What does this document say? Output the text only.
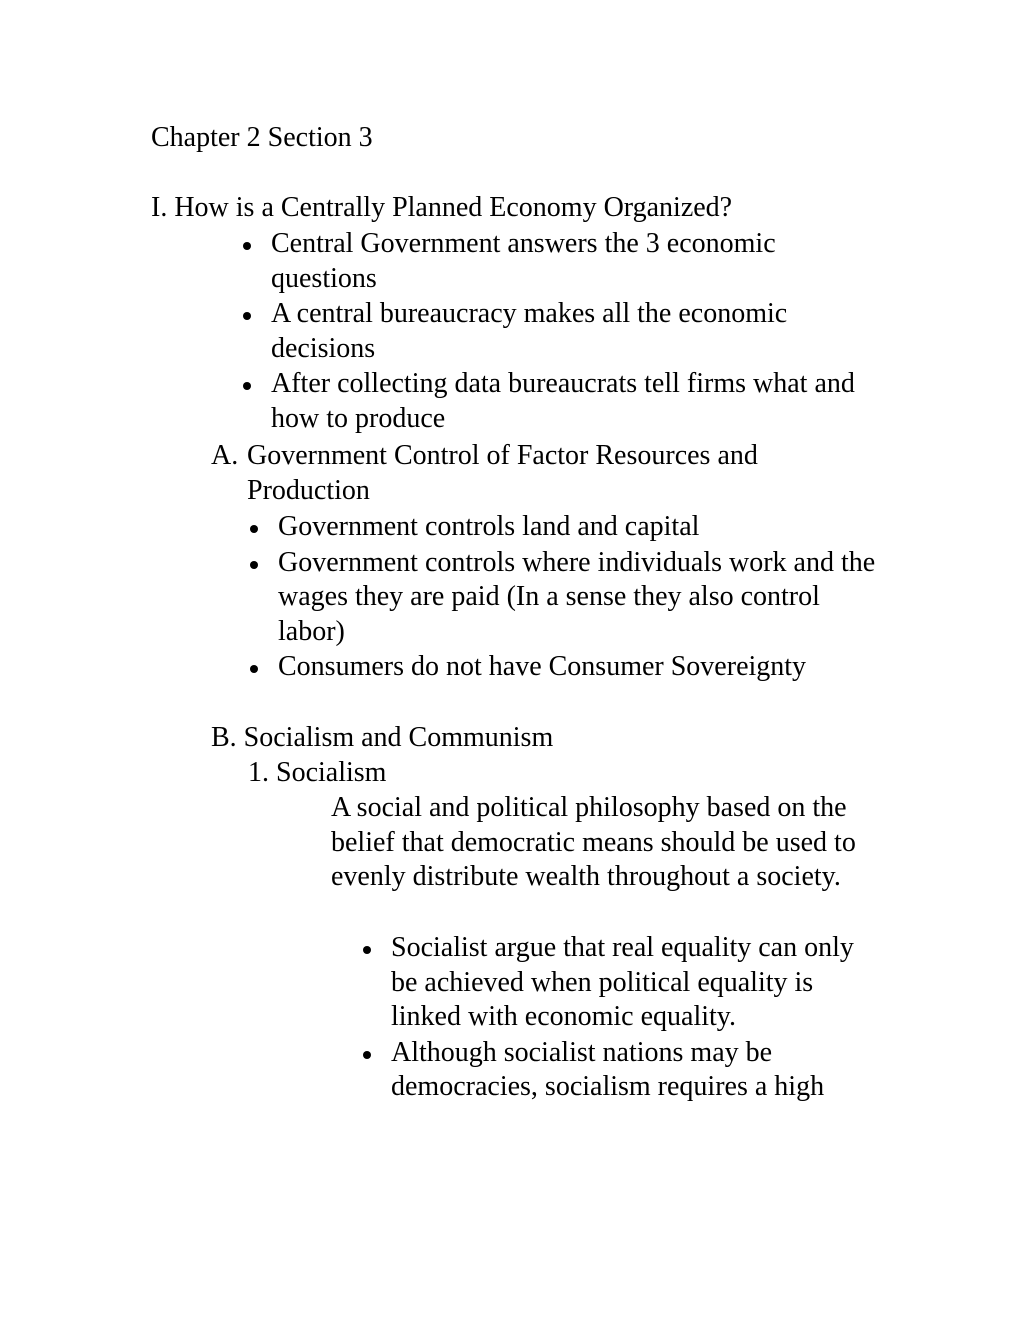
Chapter 2 Section 3
I. How is a Centrally Planned Economy Organized?
Central Government answers the 3 economic questions
A central bureaucracy makes all the economic decisions
After collecting data bureaucrats tell firms what and how to produce
A. Government Control of Factor Resources and Production
Government controls land and capital
Government controls where individuals work and the wages they are paid (In a sense they also control labor)
Consumers do not have Consumer Sovereignty
B. Socialism and Communism
1. Socialism
A social and political philosophy based on the belief that democratic means should be used to evenly distribute wealth throughout a society.
Socialist argue that real equality can only be achieved when political equality is linked with economic equality.
Although socialist nations may be democracies, socialism requires a high
